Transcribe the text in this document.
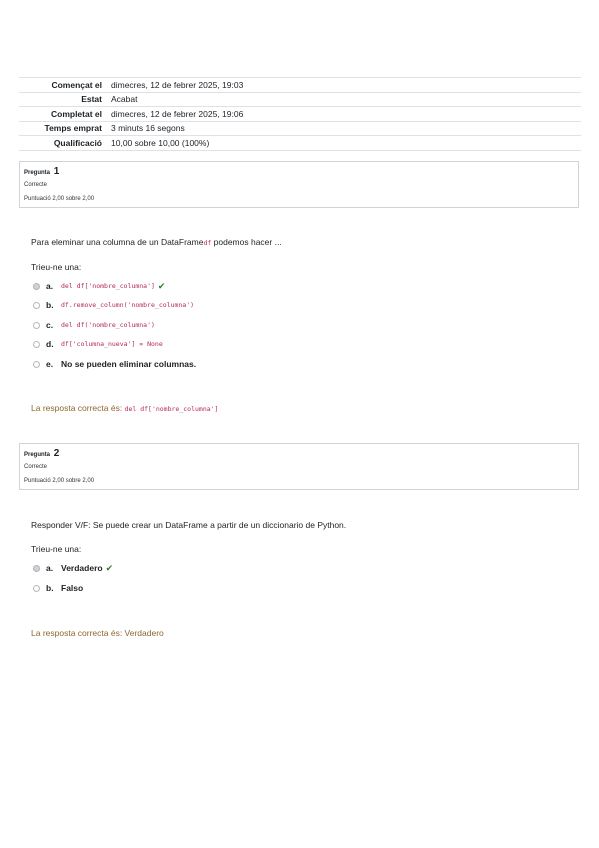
Començat el	dimecres, 12 de febrer 2025, 19:03
Estat	Acabat
Completat el	dimecres, 12 de febrer 2025, 19:06
Temps emprat	3 minuts 16 segons
Qualificació	10,00 sobre 10,00 (100%)
Pregunta 1
Correcte
Puntuació 2,00 sobre 2,00
Para eleminar una columna de un DataFramedf podemos hacer ...
Trieu-ne una:
a. del df['nombre_columna'] ✔
b. df.remove_column('nombre_columna')
c. del df('nombre_columna')
d. df['columna_nueva'] = None
e. No se pueden eliminar columnas.
La resposta correcta és: del df['nombre_columna']
Pregunta 2
Correcte
Puntuació 2,00 sobre 2,00
Responder V/F: Se puede crear un DataFrame a partir de un diccionario de Python.
Trieu-ne una:
a. Verdadero ✔
b. Falso
La resposta correcta és: Verdadero
